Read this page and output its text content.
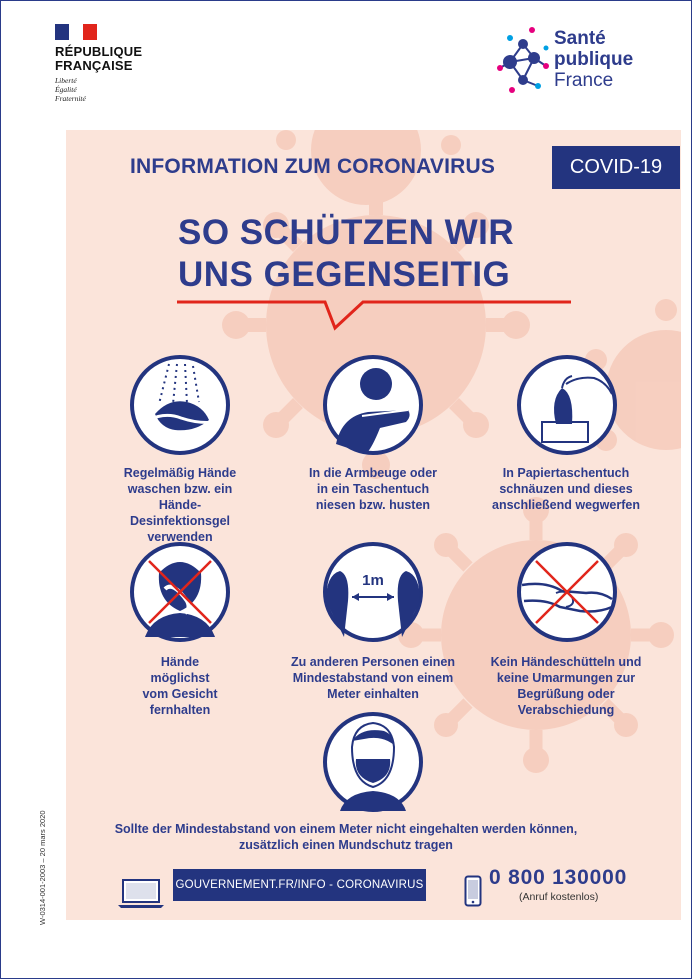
RÉPUBLIQUE
FRANÇAISE
Liberté
Égalité
Fraternité
Santé
publique
France
INFORMATION ZUM CORONAVIRUS	COVID-19
SO SCHÜTZEN WIR
UNS GEGENSEITIG
Regelmäßig Hände
waschen bzw. ein Hände-
Desinfektionsgel
verwenden
In die Armbeuge oder
in ein Taschentuch
niesen bzw. husten
In Papiertaschentuch
schnäuzen und dieses
anschließend wegwerfen
Hände
möglichst
vom Gesicht
fernhalten
1m
Zu anderen Personen einen
Mindestabstand von einem
Meter einhalten
Kein Händeschütteln und
keine Umarmungen zur
Begrüßung oder
Verabschiedung
Sollte der Mindestabstand von einem Meter nicht eingehalten werden können,
zusätzlich einen Mundschutz tragen
GOUVERNEMENT.FR/INFO - CORONAVIRUS	0 800 130000
(Anruf kostenlos)
W-0314-001-2003 – 20 mars 2020
